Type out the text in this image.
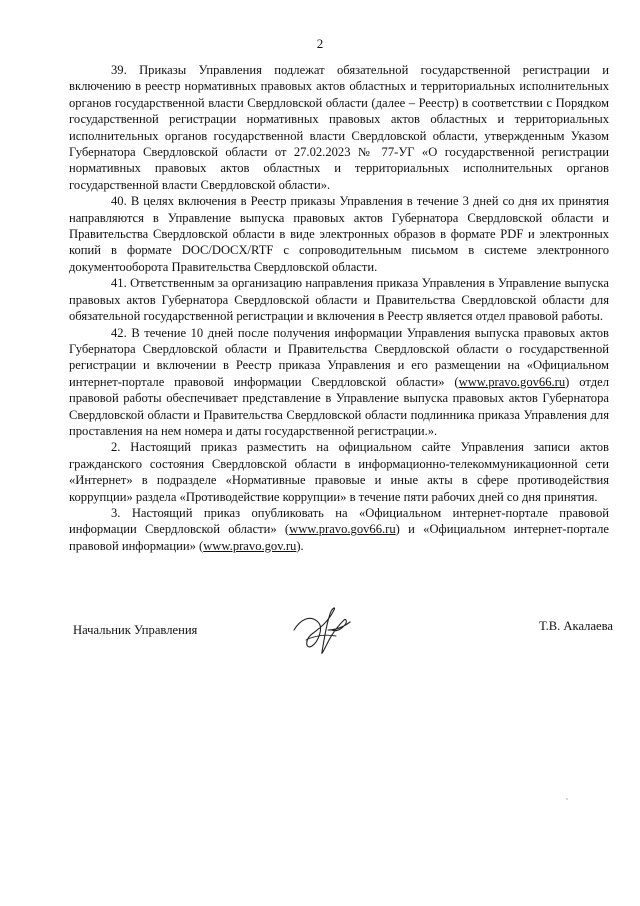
2

39. Приказы Управления подлежат обязательной государственной регистрации и включению в реестр нормативных правовых актов областных и территориальных исполнительных органов государственной власти Свердловской области (далее – Реестр) в соответствии с Порядком государственной регистрации нормативных правовых актов областных и территориальных исполнительных органов государственной власти Свердловской области, утвержденным Указом Губернатора Свердловской области от 27.02.2023 № 77-УГ «О государственной регистрации нормативных правовых актов областных и территориальных исполнительных органов государственной власти Свердловской области».

40. В целях включения в Реестр приказы Управления в течение 3 дней со дня их принятия направляются в Управление выпуска правовых актов Губернатора Свердловской области и Правительства Свердловской области в виде электронных образов в формате PDF и электронных копий в формате DOC/DOCX/RTF с сопроводительным письмом в системе электронного документооборота Правительства Свердловской области.

41. Ответственным за организацию направления приказа Управления в Управление выпуска правовых актов Губернатора Свердловской области и Правительства Свердловской области для обязательной государственной регистрации и включения в Реестр является отдел правовой работы.

42. В течение 10 дней после получения информации Управления выпуска правовых актов Губернатора Свердловской области и Правительства Свердловской области о государственной регистрации и включении в Реестр приказа Управления и его размещении на «Официальном интернет-портале правовой информации Свердловской области» (www.pravo.gov66.ru) отдел правовой работы обеспечивает представление в Управление выпуска правовых актов Губернатора Свердловской области и Правительства Свердловской области подлинника приказа Управления для проставления на нем номера и даты государственной регистрации.».

2. Настоящий приказ разместить на официальном сайте Управления записи актов гражданского состояния Свердловской области в информационно-телекоммуникационной сети «Интернет» в подразделе «Нормативные правовые и иные акты в сфере противодействия коррупции» раздела «Противодействие коррупции» в течение пяти рабочих дней со дня принятия.

3. Настоящий приказ опубликовать на «Официальном интернет-портале правовой информации Свердловской области» (www.pravo.gov66.ru) и «Официальном интернет-портале правовой информации» (www.pravo.gov.ru).

Начальник Управления	Т.В. Акалаева
